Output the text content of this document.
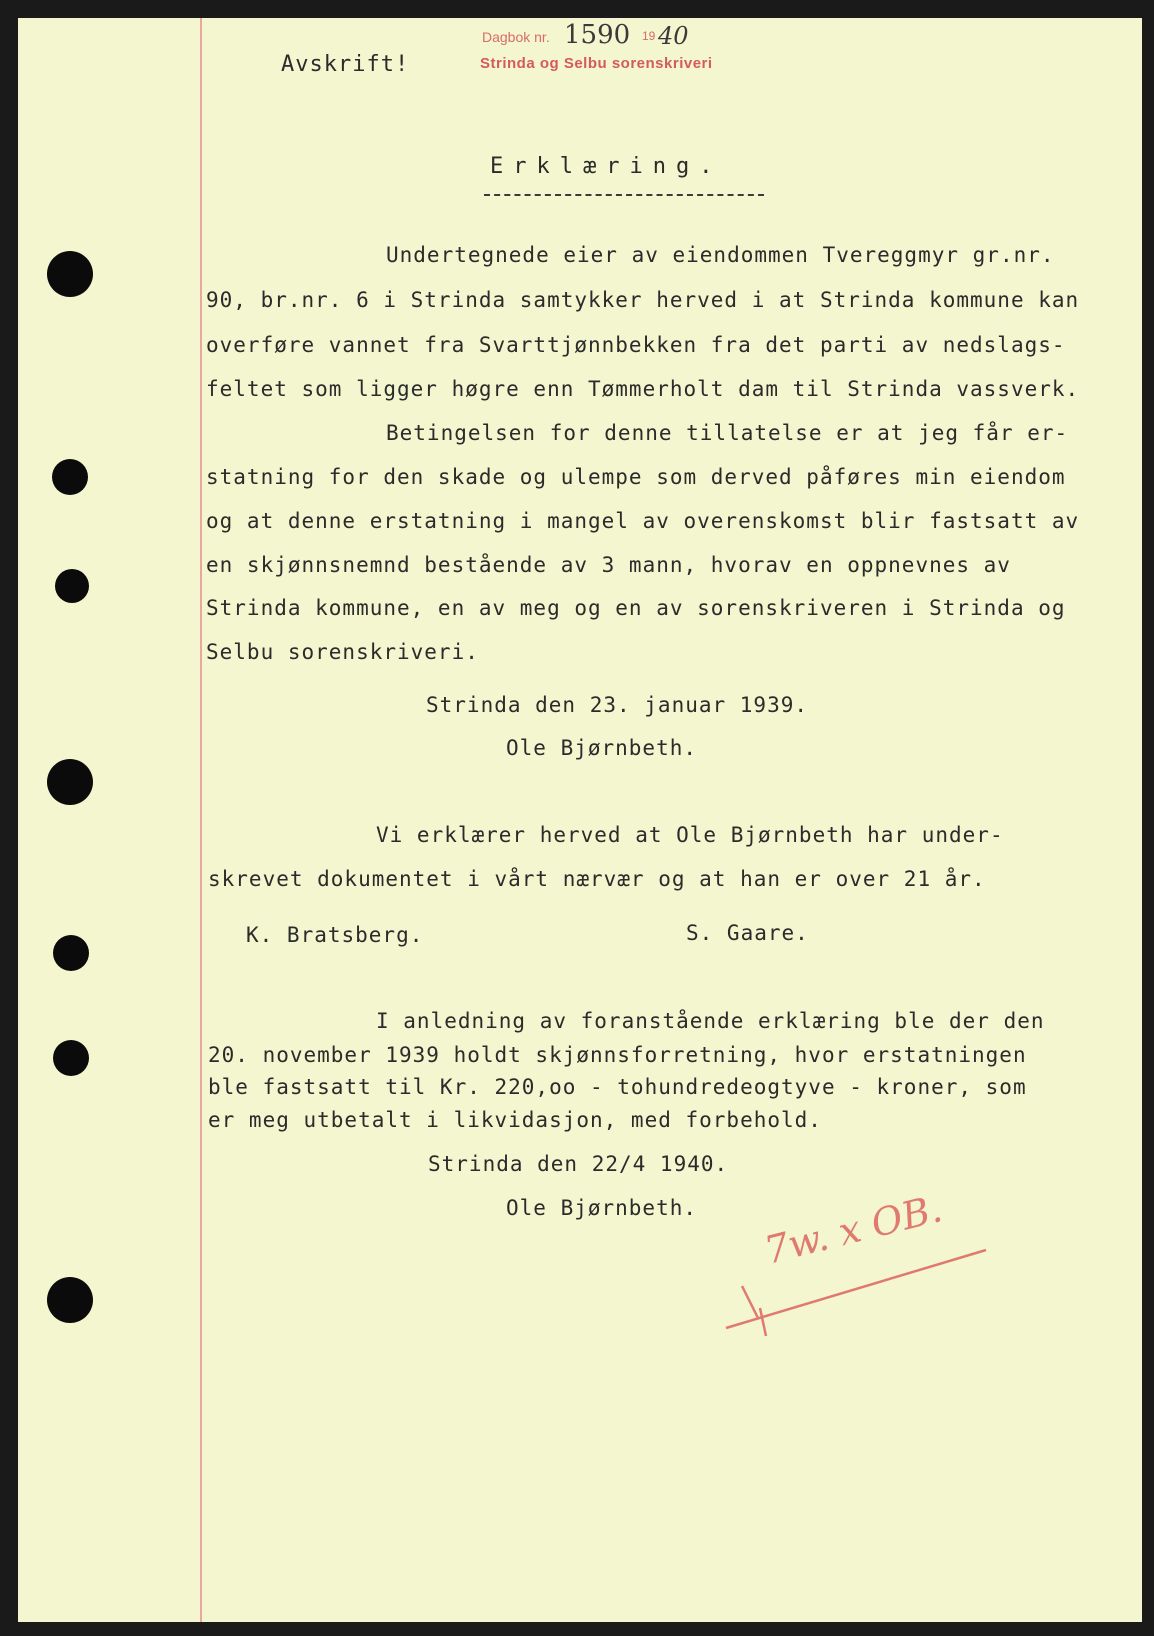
Avskrift!
Dagbok nr. 1590 19 40
Strinda og Selbu sorenskriveri
Erklæring.
Undertegnede eier av eiendommen Tvereggmyr gr.nr.
90, br.nr. 6 i Strinda samtykker herved i at Strinda kommune kan
overføre vannet fra Svarttjønnbekken fra det parti av nedslags-
feltet som ligger høgre enn Tømmerholt dam til Strinda vassverk.
Betingelsen for denne tillatelse er at jeg får er-
statning for den skade og ulempe som derved påføres min eiendom
og at denne erstatning i mangel av overenskomst blir fastsatt av
en skjønnsnemnd bestående av 3 mann, hvorav en oppnevnes av
Strinda kommune, en av meg og en av sorenskriveren i Strinda og
Selbu sorenskriveri.
Strinda den 23. januar 1939.
Ole Bjørnbeth.
Vi erklærer herved at Ole Bjørnbeth har under-
skrevet dokumentet i vårt nærvær og at han er over 21 år.
K. Bratsberg.	S. Gaare.
I anledning av foranstående erklæring ble der den
20. november 1939 holdt skjønnsforretning, hvor erstatningen
ble fastsatt til Kr. 220,oo - tohundredeogtyve - kroner, som
er meg utbetalt i likvidasjon, med forbehold.
Strinda den 22/4 1940.
Ole Bjørnbeth. 7w. x OB.
